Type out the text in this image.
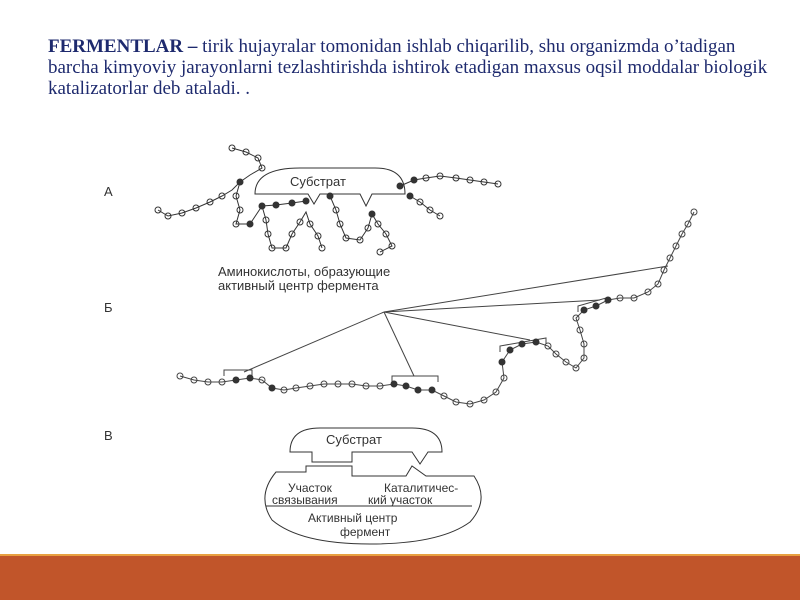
FERMENTLAR – tirik hujayralar tomonidan ishlab chiqarilib, shu organizmda o’tadigan barcha kimyoviy jarayonlarni tezlashtirishda ishtirok etadigan maxsus oqsil moddalar biologik katalizatorlar deb ataladi. .
А
Субстрат
Аминокислоты, образующие
активный центр фермента
Б
В	Субстрат
Участок
связывания
Каталитичес-
кий участок
Активный центр
фермент
